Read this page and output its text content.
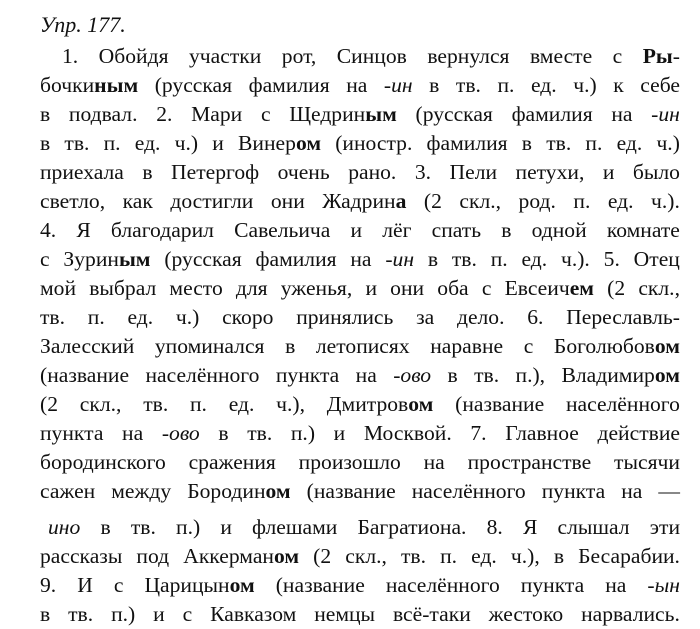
Упр. 177.
1. Обойдя участки рот, Синцов вернулся вместе с Ры-
бочкиным (русская фамилия на -ин в тв. п. ед. ч.) к себе
в подвал. 2. Мари с Щедриным (русская фамилия на -ин
в тв. п. ед. ч.) и Винером (иностр. фамилия в тв. п. ед. ч.)
приехала в Петергоф очень рано. 3. Пели петухи, и было
светло, как достигли они Жадрина (2 скл., род. п. ед. ч.).
4. Я благодарил Савельича и лёг спать в одной комнате
с Зуриным (русская фамилия на -ин в тв. п. ед. ч.). 5. Отец
мой выбрал место для уженья, и они оба с Евсеичем (2 скл.,
тв. п. ед. ч.) скоро принялись за дело. 6. Переславль-
Залесский упоминался в летописях наравне с Боголюбовом
(название населённого пункта на -ово в тв. п.), Владимиром
(2 скл., тв. п. ед. ч.), Дмитровом (название населённого
пункта на -ово в тв. п.) и Москвой. 7. Главное действие
бородинского сражения произошло на пространстве тысячи
сажен между Бородином (название населённого пункта на —
ино в тв. п.) и флешами Багратиона. 8. Я слышал эти
рассказы под Аккерманом (2 скл., тв. п. ед. ч.), в Бесарабии.
9. И с Царицыном (название населённого пункта на -ын
в тв. п.) и с Кавказом немцы всё-таки жестоко нарвались.
